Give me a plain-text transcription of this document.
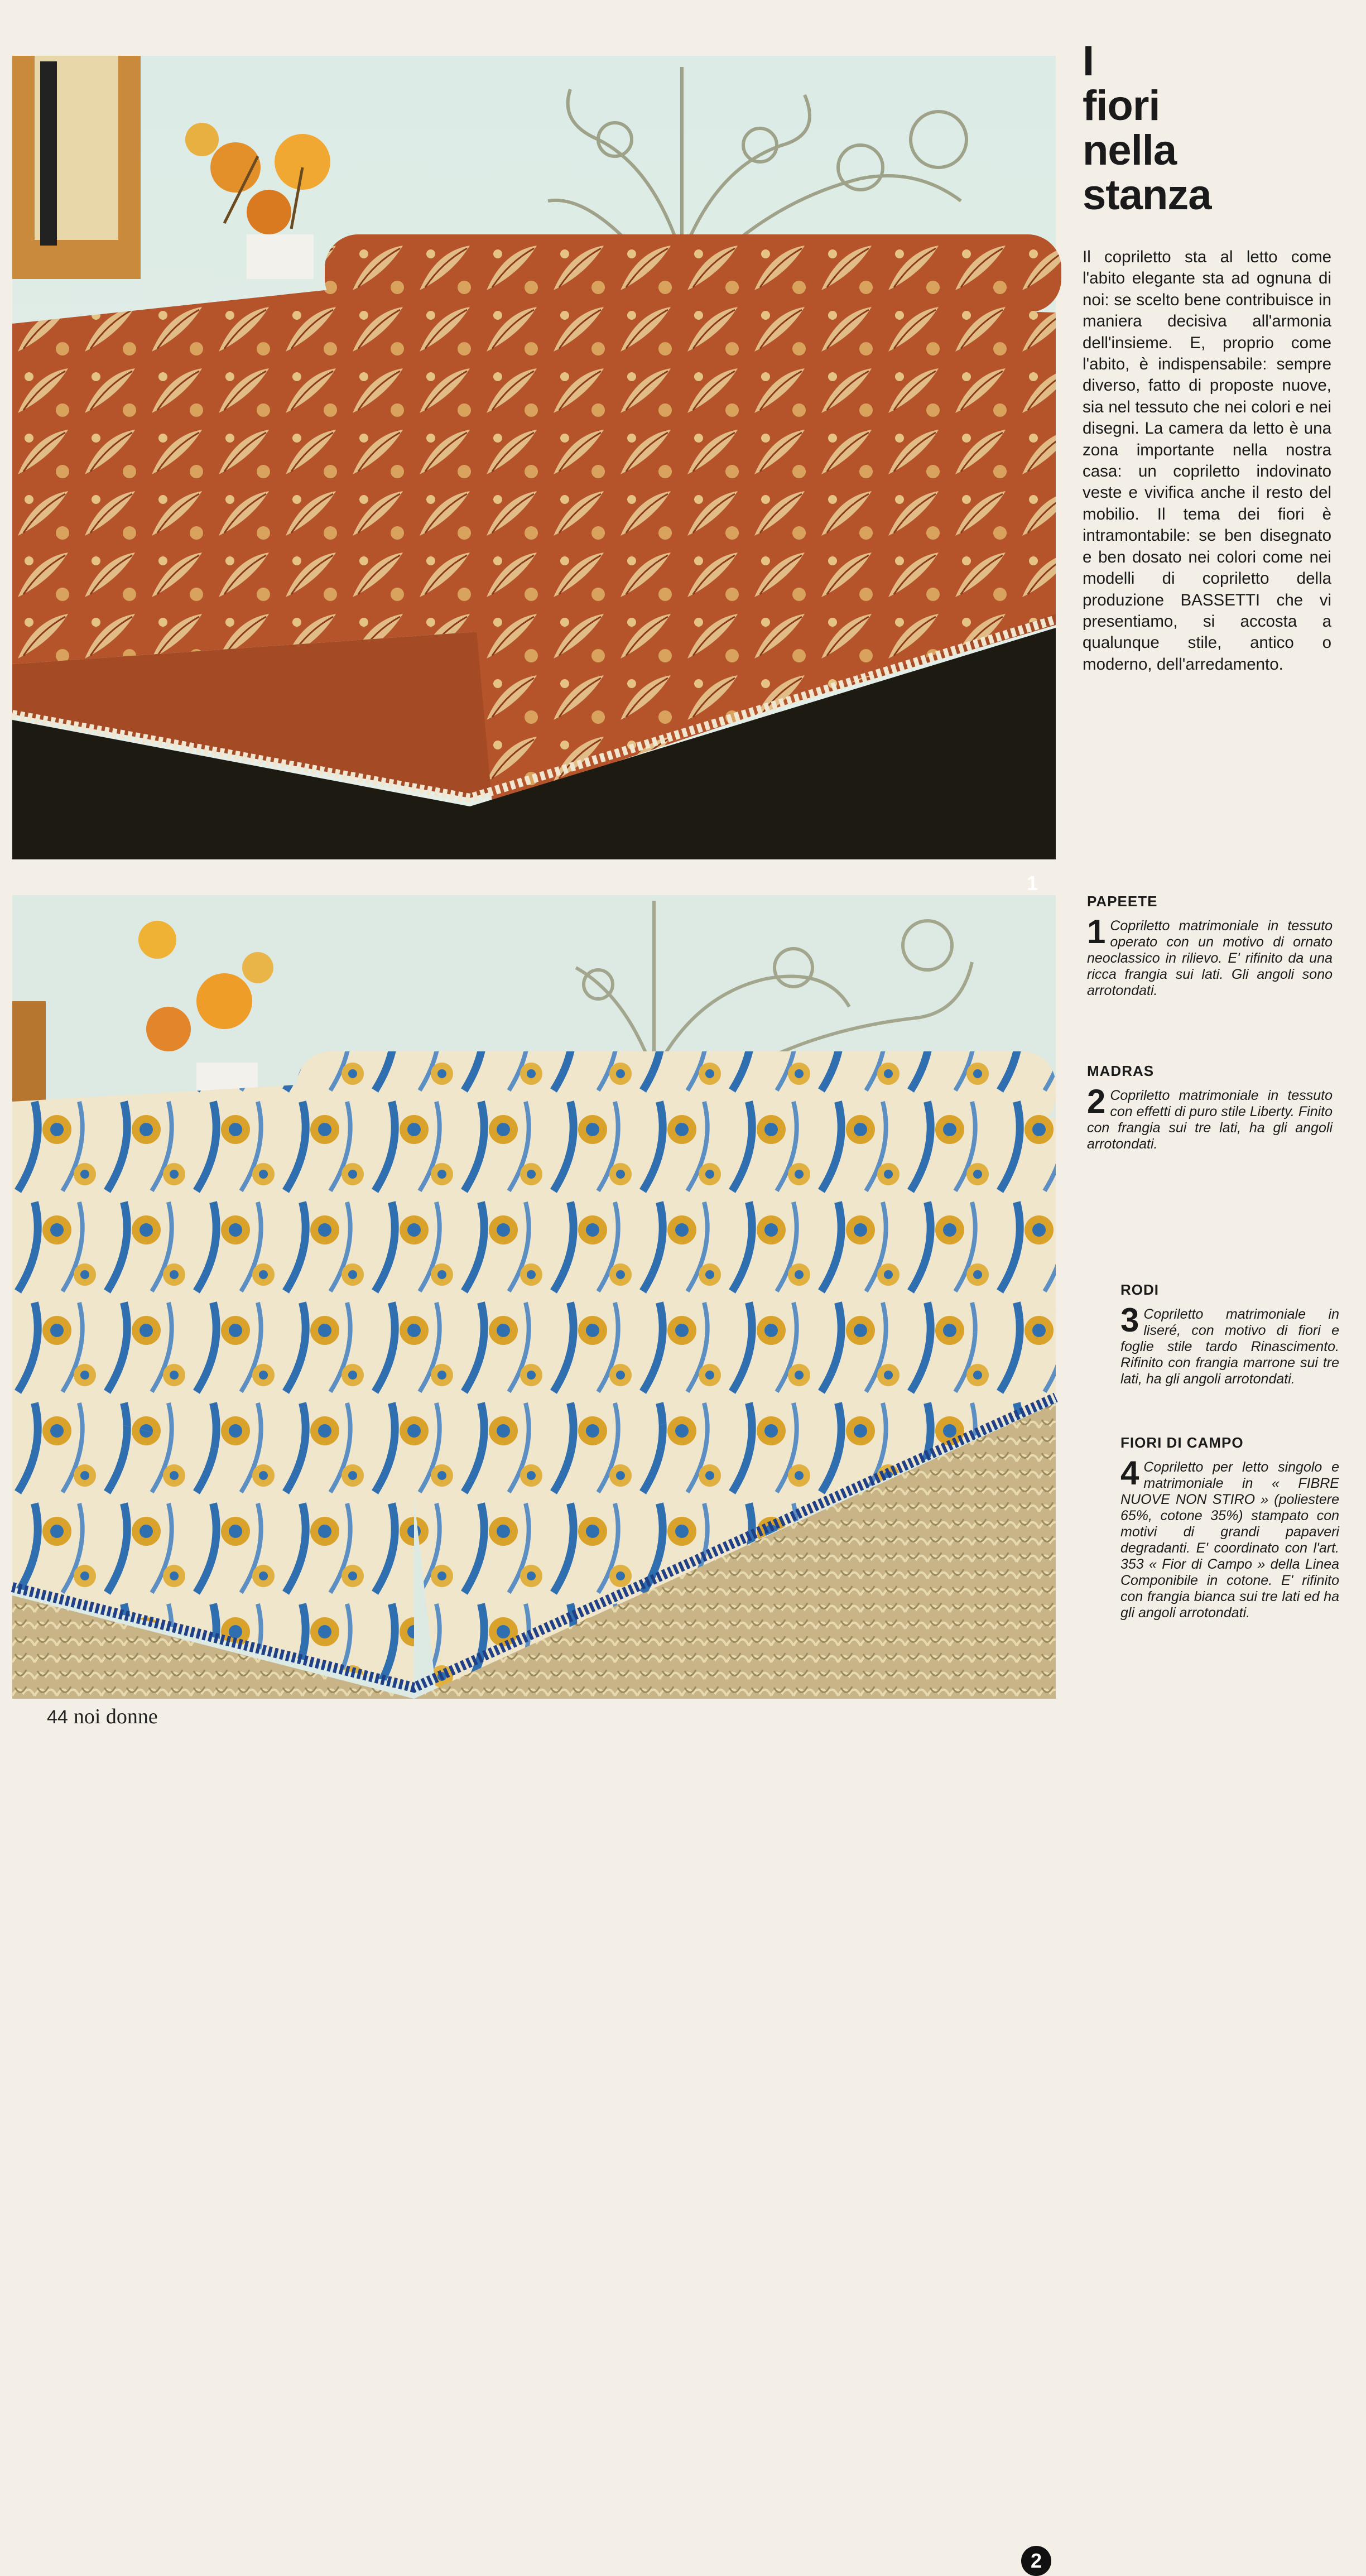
1
2
I
fiori
nella
stanza
Il copriletto sta al letto come l'abito elegante sta ad ognuna di noi: se scelto bene contribuisce in maniera decisiva all'armonia dell'insieme. E, proprio come l'abito, è indispensabile: sempre diverso, fatto di proposte nuove, sia nel tessuto che nei colori e nei disegni. La camera da letto è una zona importante nella nostra casa: un copriletto indovinato veste e vivifica anche il resto del mobilio. Il tema dei fiori è intramontabile: se ben disegnato e ben dosato nei colori come nei modelli di copriletto della produzione BASSETTI che vi presentiamo, si accosta a qualunque stile, antico o moderno, dell'arredamento.
PAPEETE
1 Copriletto matrimoniale in tessuto operato con un motivo di ornato neoclassico in rilievo. E' rifinito da una ricca frangia sui lati. Gli angoli sono arrotondati.
MADRAS
2 Copriletto matrimoniale in tessuto con effetti di puro stile Liberty. Finito con frangia sui tre lati, ha gli angoli arrotondati.
RODI
3 Copriletto matrimoniale in liseré, con motivo di fiori e foglie stile tardo Rinascimento. Rifinito con frangia marrone sui tre lati, ha gli angoli arrotondati.
FIORI DI CAMPO
4 Copriletto per letto singolo e matrimoniale in « FIBRE NUOVE NON STIRO » (poliestere 65%, cotone 35%) stampato con motivi di grandi papaveri degradanti. E' coordinato con l'art. 353 « Fior di Campo » della Linea Componibile in cotone. E' rifinito con frangia bianca sui tre lati ed ha gli angoli arrotondati.
44 noi donne
